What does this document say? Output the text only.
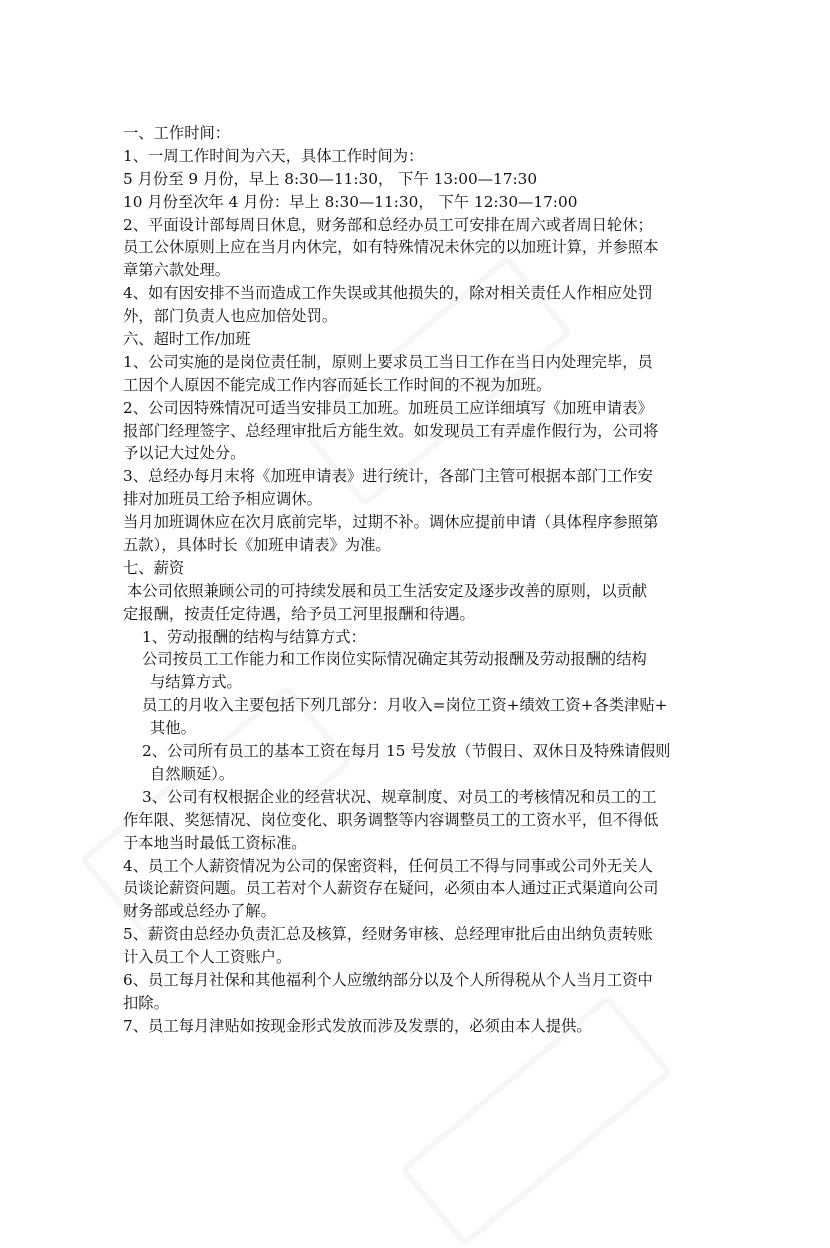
一、工作时间：
1、一周工作时间为六天，具体工作时间为：
5 月份至 9 月份，早上 8:30—11:30， 下午 13:00—17:30
10 月份至次年 4 月份：早上 8:30—11:30， 下午 12:30—17:00
2、平面设计部每周日休息，财务部和总经办员工可安排在周六或者周日轮休；
员工公休原则上应在当月内休完，如有特殊情况未休完的以加班计算，并参照本
章第六款处理。
4、如有因安排不当而造成工作失误或其他损失的，除对相关责任人作相应处罚
外，部门负责人也应加倍处罚。
六、超时工作/加班
1、公司实施的是岗位责任制，原则上要求员工当日工作在当日内处理完毕，员
工因个人原因不能完成工作内容而延长工作时间的不视为加班。
2、公司因特殊情况可适当安排员工加班。加班员工应详细填写《加班申请表》
报部门经理签字、总经理审批后方能生效。如发现员工有弄虚作假行为，公司将
予以记大过处分。
3、总经办每月末将《加班申请表》进行统计，各部门主管可根据本部门工作安
排对加班员工给予相应调休。
当月加班调休应在次月底前完毕，过期不补。调休应提前申请（具体程序参照第
五款），具体时长《加班申请表》为准。
七、薪资
本公司依照兼顾公司的可持续发展和员工生活安定及逐步改善的原则，以贡献
定报酬，按责任定待遇，给予员工河里报酬和待遇。
1、劳动报酬的结构与结算方式：
公司按员工工作能力和工作岗位实际情况确定其劳动报酬及劳动报酬的结构
与结算方式。
员工的月收入主要包括下列几部分：月收入=岗位工资+绩效工资+各类津贴+
其他。
2、公司所有员工的基本工资在每月 15 号发放（节假日、双休日及特殊请假则
自然顺延）。
3、公司有权根据企业的经营状况、规章制度、对员工的考核情况和员工的工
作年限、奖惩情况、岗位变化、职务调整等内容调整员工的工资水平，但不得低
于本地当时最低工资标准。
4、员工个人薪资情况为公司的保密资料，任何员工不得与同事或公司外无关人
员谈论薪资问题。员工若对个人薪资存在疑问，必须由本人通过正式渠道向公司
财务部或总经办了解。
5、薪资由总经办负责汇总及核算，经财务审核、总经理审批后由出纳负责转账
计入员工个人工资账户。
6、员工每月社保和其他福利个人应缴纳部分以及个人所得税从个人当月工资中
扣除。
7、员工每月津贴如按现金形式发放而涉及发票的，必须由本人提供。
